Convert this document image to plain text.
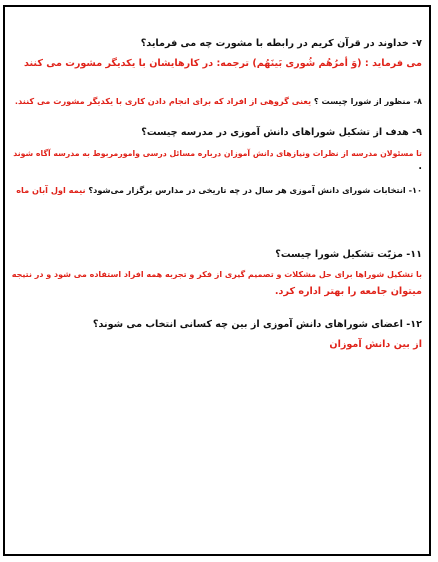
۷- خداوند در قرآن کریم در رابطه با مشورت چه می فرماید؟
می فرماید : (وَ أمرُهُم شُوری بَینَهُم) ترجمه: در کارهایشان با یکدیگر مشورت می کنند
۸- منظور از شورا چیست ؟ یعنی گروهی از افراد که برای انجام دادن کاری با یکدیگر مشورت می کنند.
۹- هدف از تشکیل شوراهای دانش آموزی در مدرسه چیست؟
تا مسئولان مدرسه از نظرات ونیازهای دانش آموزان درباره مسائل درسی وامورمربوط به مدرسه آگاه شوند
.
۱۰- انتخابات شورای دانش آموزی هر سال در چه تاریخی در مدارس برگزار می‌شود؟ نیمه اول آبان ماه
۱۱- مزیّت تشکیل شورا چیست؟
با تشکیل شوراها برای حل مشکلات و تصمیم گیری از فکر و تجربه همه افراد استفاده می شود و در نتیجه
میتوان جامعه را بهتر اداره کرد.
۱۲- اعضای شوراهای دانش آموزی از بین چه کسانی انتخاب می شوند؟
از بین دانش آموزان
